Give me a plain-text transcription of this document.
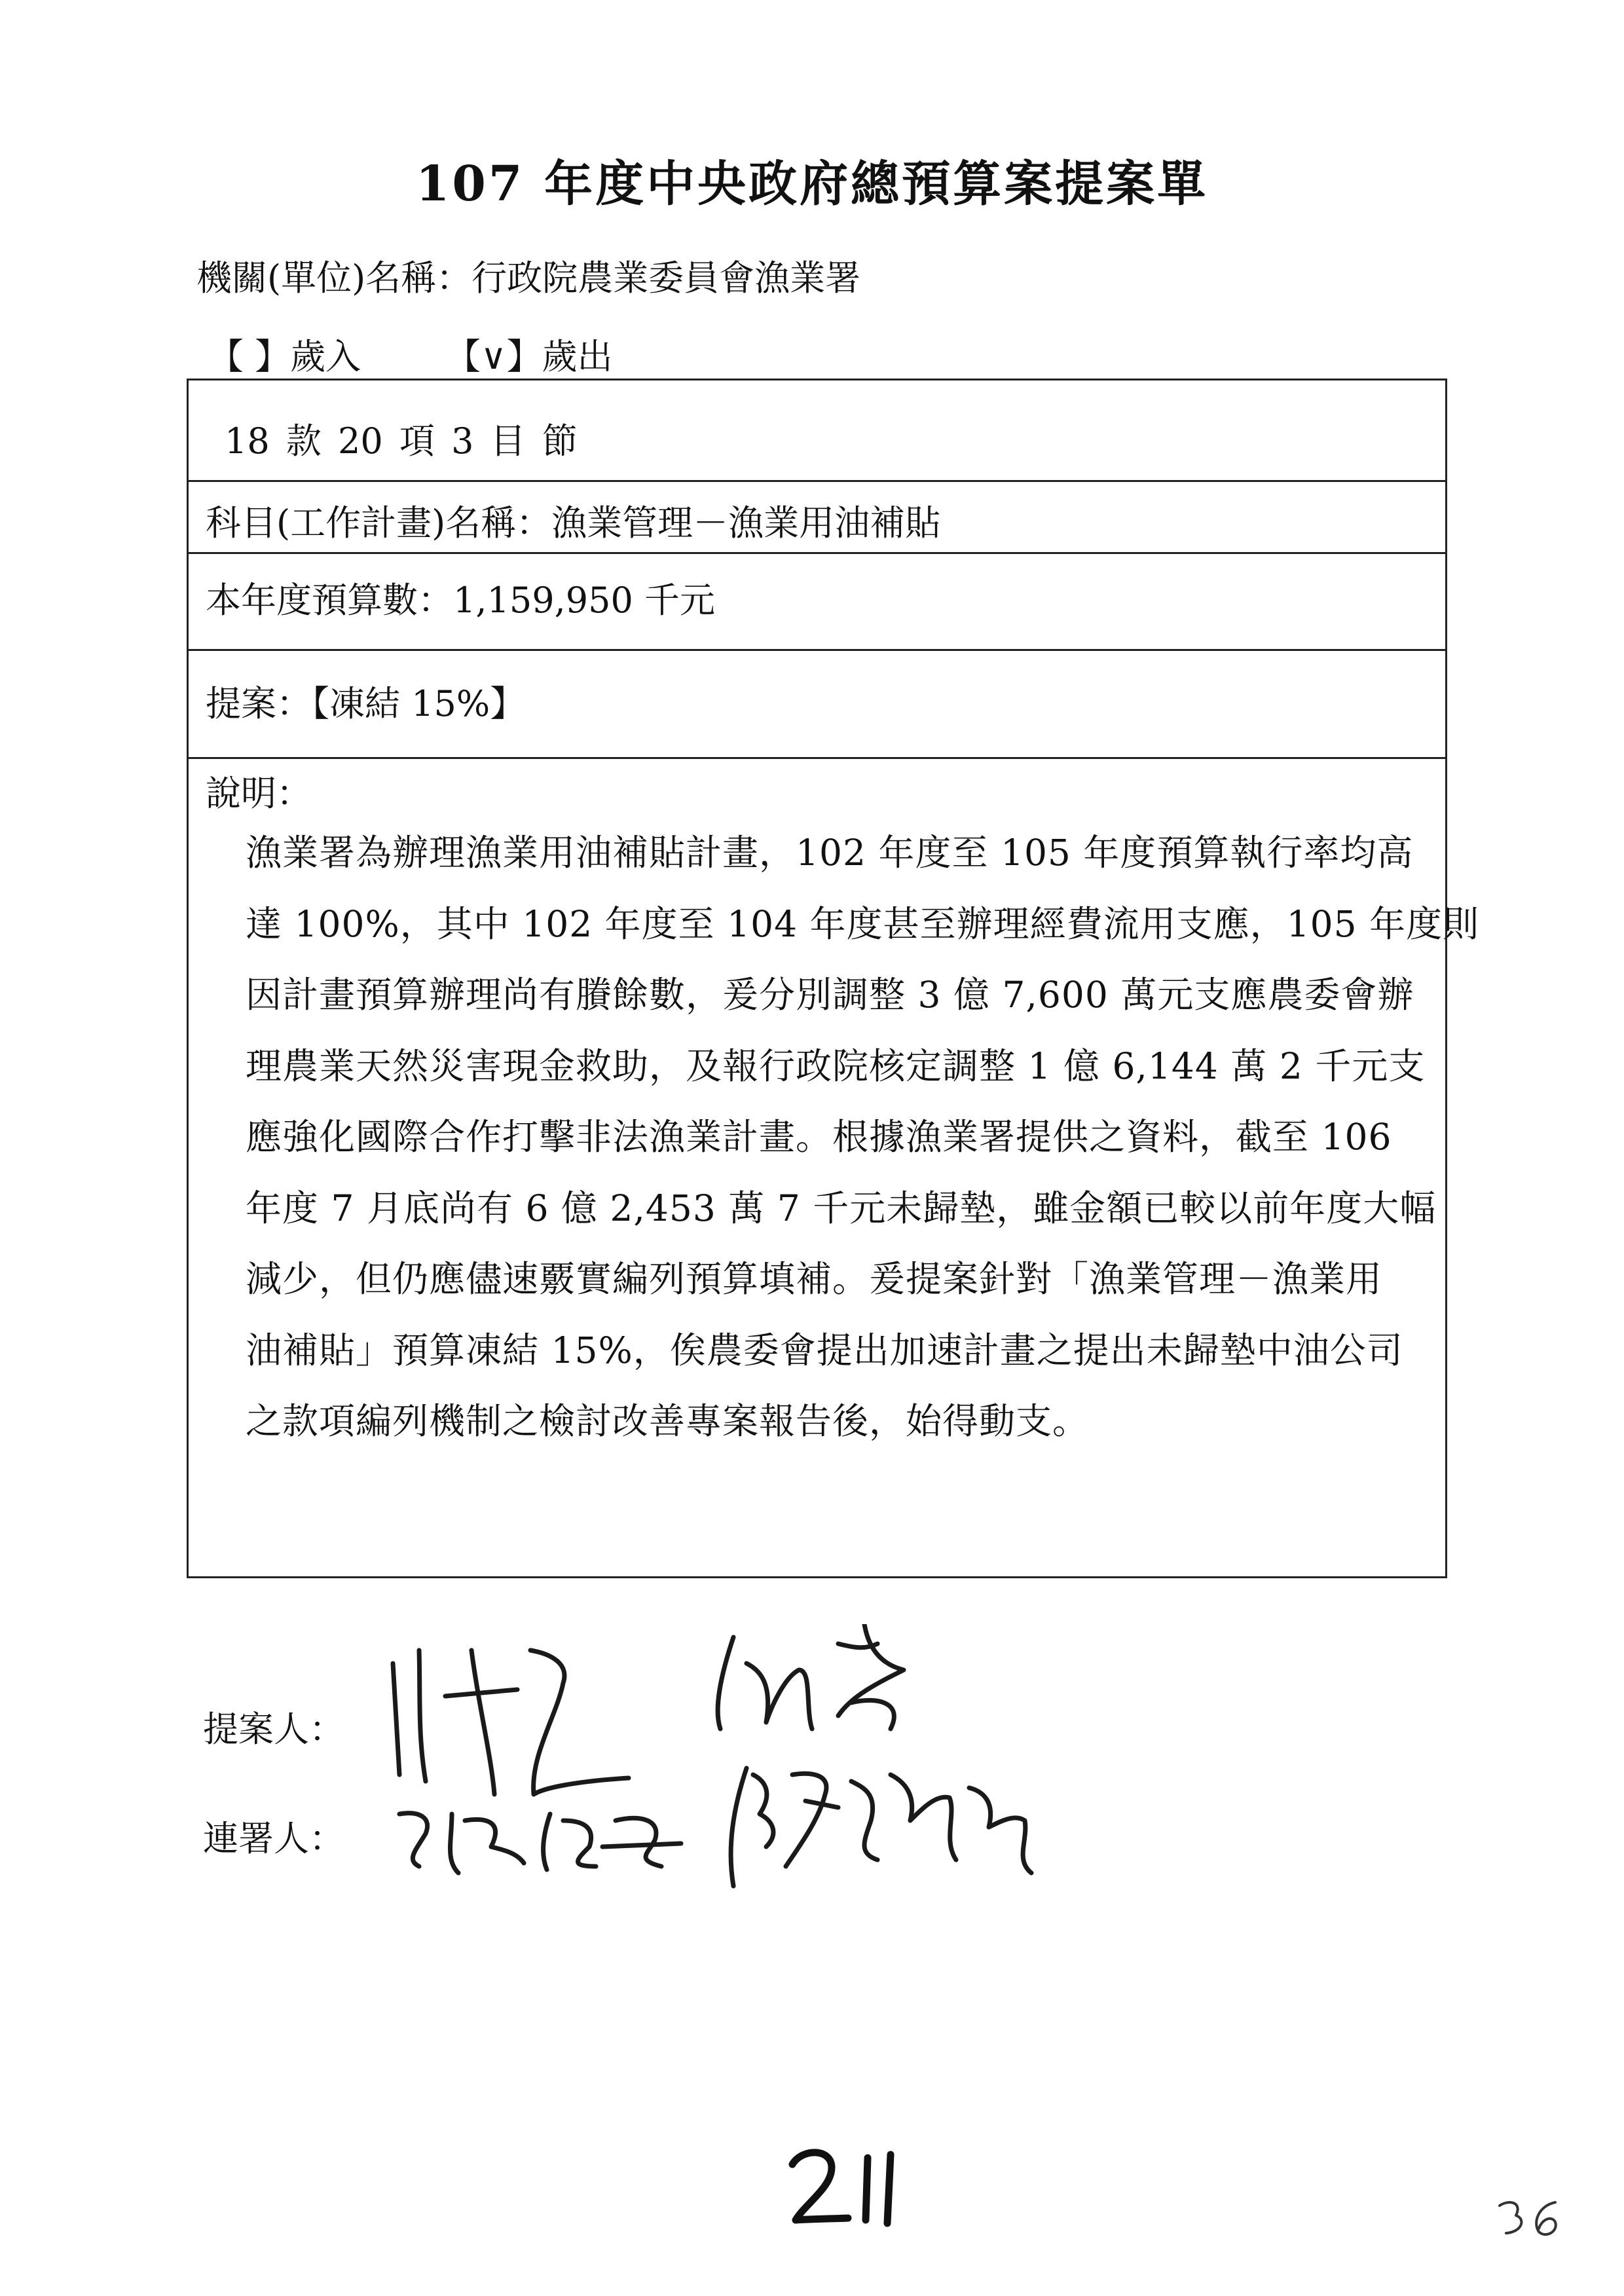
107 年度中央政府總預算案提案單
機關(單位)名稱：行政院農業委員會漁業署
【 】歲入 【∨】歲出
18 款 20 項 3 目 節
科目(工作計畫)名稱：漁業管理－漁業用油補貼
本年度預算數：1,159,950 千元
提案：【凍結 15%】
說明：
漁業署為辦理漁業用油補貼計畫，102 年度至 105 年度預算執行率均高
達 100%，其中 102 年度至 104 年度甚至辦理經費流用支應，105 年度則
因計畫預算辦理尚有賸餘數，爰分別調整 3 億 7,600 萬元支應農委會辦
理農業天然災害現金救助，及報行政院核定調整 1 億 6,144 萬 2 千元支
應強化國際合作打擊非法漁業計畫。根據漁業署提供之資料，截至 106
年度 7 月底尚有 6 億 2,453 萬 7 千元未歸墊，雖金額已較以前年度大幅
減少，但仍應儘速覈實編列預算填補。爰提案針對「漁業管理－漁業用
油補貼」預算凍結 15%，俟農委會提出加速計畫之提出未歸墊中油公司
之款項編列機制之檢討改善專案報告後，始得動支。
提案人：
連署人：
